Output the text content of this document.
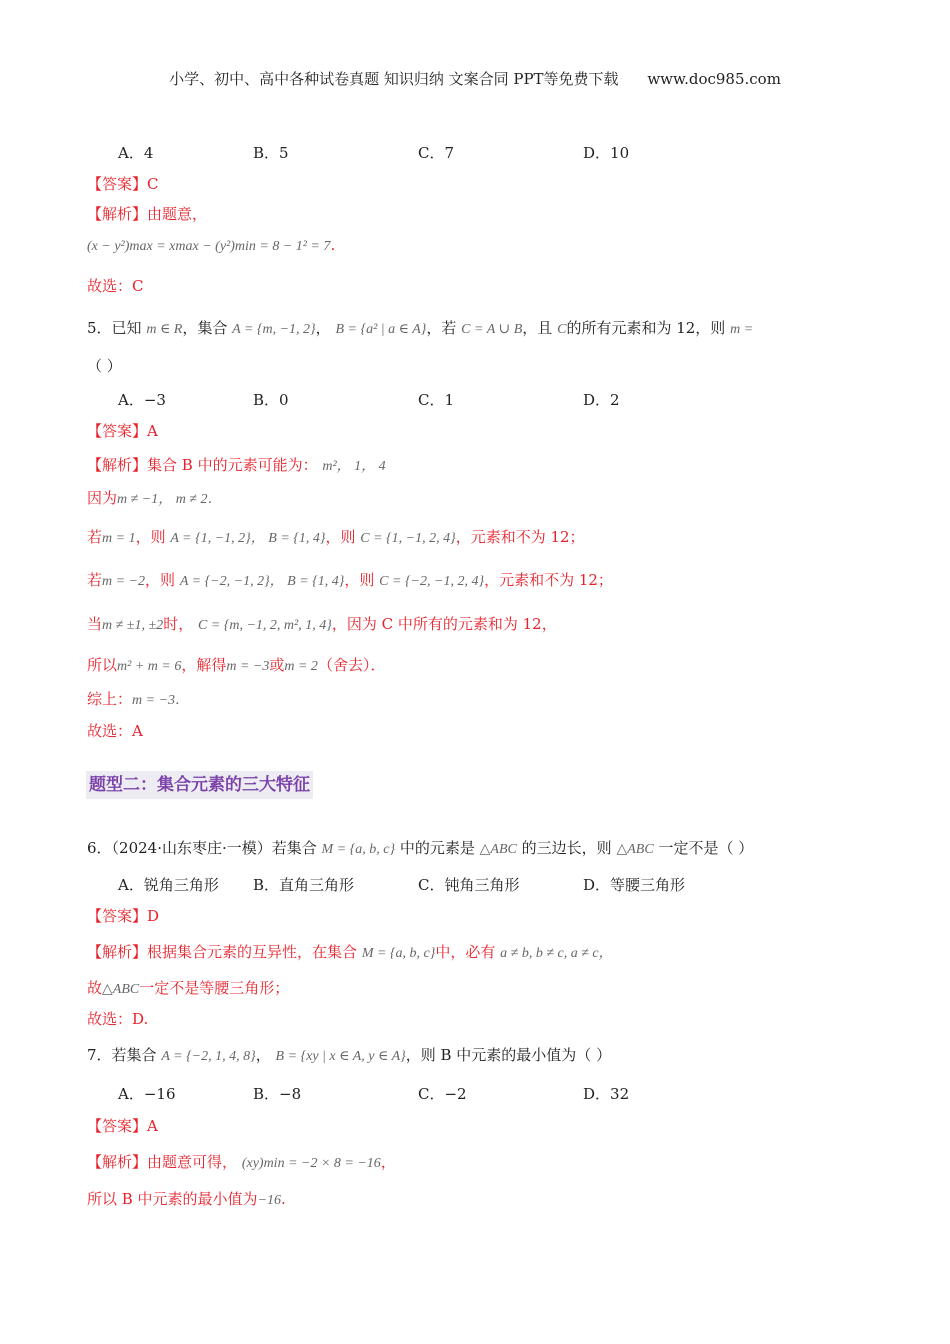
小学、初中、高中各种试卷真题 知识归纳 文案合同 PPT等免费下载 www.doc985.com
A．4	B．5	C．7	D．10
【答案】C
【解析】由题意，
(x − y²)max = xmax − (y²)min = 8 − 1² = 7.
故选：C
5．已知 m ∈ R，集合 A = {m, −1, 2}， B = {a² | a ∈ A}，若 C = A ∪ B，且 C的所有元素和为 12，则 m =
（ ）
A．−3	B．0	C．1	D．2
【答案】A
【解析】集合 B 中的元素可能为： m²， 1， 4
因为m ≠ −1， m ≠ 2．
若m = 1，则 A = {1, −1, 2}， B = {1, 4}，则 C = {1, −1, 2, 4}，元素和不为 12；
若m = −2，则 A = {−2, −1, 2}， B = {1, 4}，则 C = {−2, −1, 2, 4}，元素和不为 12；
当m ≠ ±1, ±2时， C = {m, −1, 2, m², 1, 4}，因为 C 中所有的元素和为 12，
所以m² + m = 6，解得m = −3或m = 2（舍去）．
综上：m = −3．
故选：A
题型二：集合元素的三大特征
6．（2024·山东枣庄·一模）若集合 M = {a, b, c} 中的元素是 △ABC 的三边长，则 △ABC 一定不是（ ）
A．锐角三角形 B．直角三角形	C．钝角三角形	D．等腰三角形
【答案】D
【解析】根据集合元素的互异性，在集合 M = {a, b, c}中，必有 a ≠ b, b ≠ c, a ≠ c，
故△ABC一定不是等腰三角形；
故选：D.
7．若集合 A = {−2, 1, 4, 8}， B = {xy | x ∈ A, y ∈ A}，则 B 中元素的最小值为（ ）
A．−16	B．−8	C．−2	D．32
【答案】A
【解析】由题意可得， (xy)min = −2 × 8 = −16，
所以 B 中元素的最小值为−16.
